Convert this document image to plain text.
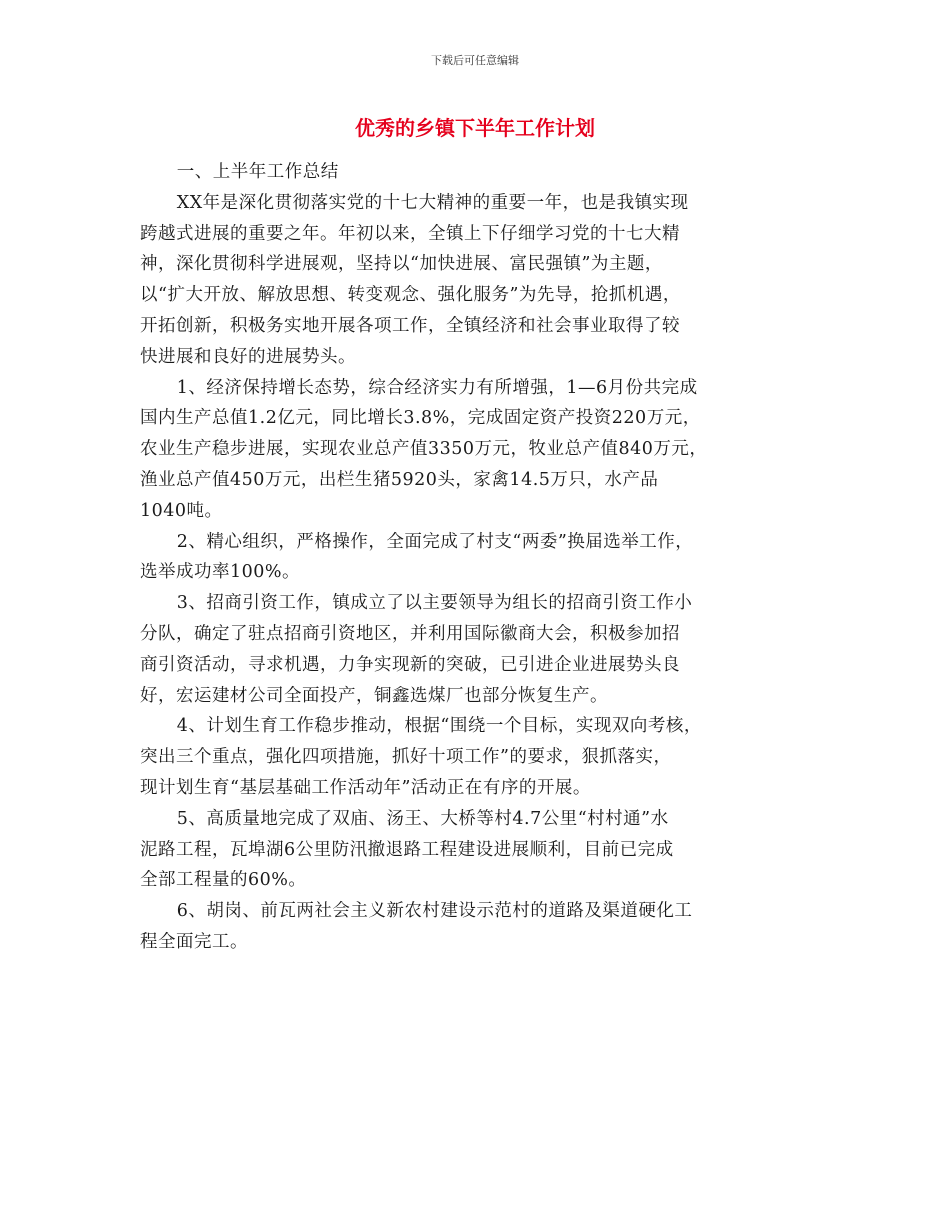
下载后可任意编辑
优秀的乡镇下半年工作计划

一、上半年工作总结

XX年是深化贯彻落实党的十七大精神的重要一年，也是我镇实现
跨越式进展的重要之年。年初以来，全镇上下仔细学习党的十七大精
神，深化贯彻科学进展观，坚持以“加快进展、富民强镇”为主题，
以“扩大开放、解放思想、转变观念、强化服务”为先导，抢抓机遇，
开拓创新，积极务实地开展各项工作，全镇经济和社会事业取得了较
快进展和良好的进展势头。

1、经济保持增长态势，综合经济实力有所增强，1—6月份共完成
国内生产总值1.2亿元，同比增长3.8%，完成固定资产投资220万元，
农业生产稳步进展，实现农业总产值3350万元，牧业总产值840万元，
渔业总产值450万元，出栏生猪5920头，家禽14.5万只，水产品
1040吨。

2、精心组织，严格操作，全面完成了村支“两委”换届选举工作，
选举成功率100%。

3、招商引资工作，镇成立了以主要领导为组长的招商引资工作小
分队，确定了驻点招商引资地区，并利用国际徽商大会，积极参加招
商引资活动，寻求机遇，力争实现新的突破，已引进企业进展势头良
好，宏运建材公司全面投产，铜鑫选煤厂也部分恢复生产。

4、计划生育工作稳步推动，根据“围绕一个目标，实现双向考核，
突出三个重点，强化四项措施，抓好十项工作”的要求，狠抓落实，
现计划生育“基层基础工作活动年”活动正在有序的开展。

5、高质量地完成了双庙、汤王、大桥等村4.7公里“村村通”水
泥路工程，瓦埠湖6公里防汛撤退路工程建设进展顺利，目前已完成
全部工程量的60%。

6、胡岗、前瓦两社会主义新农村建设示范村的道路及渠道硬化工
程全面完工。
